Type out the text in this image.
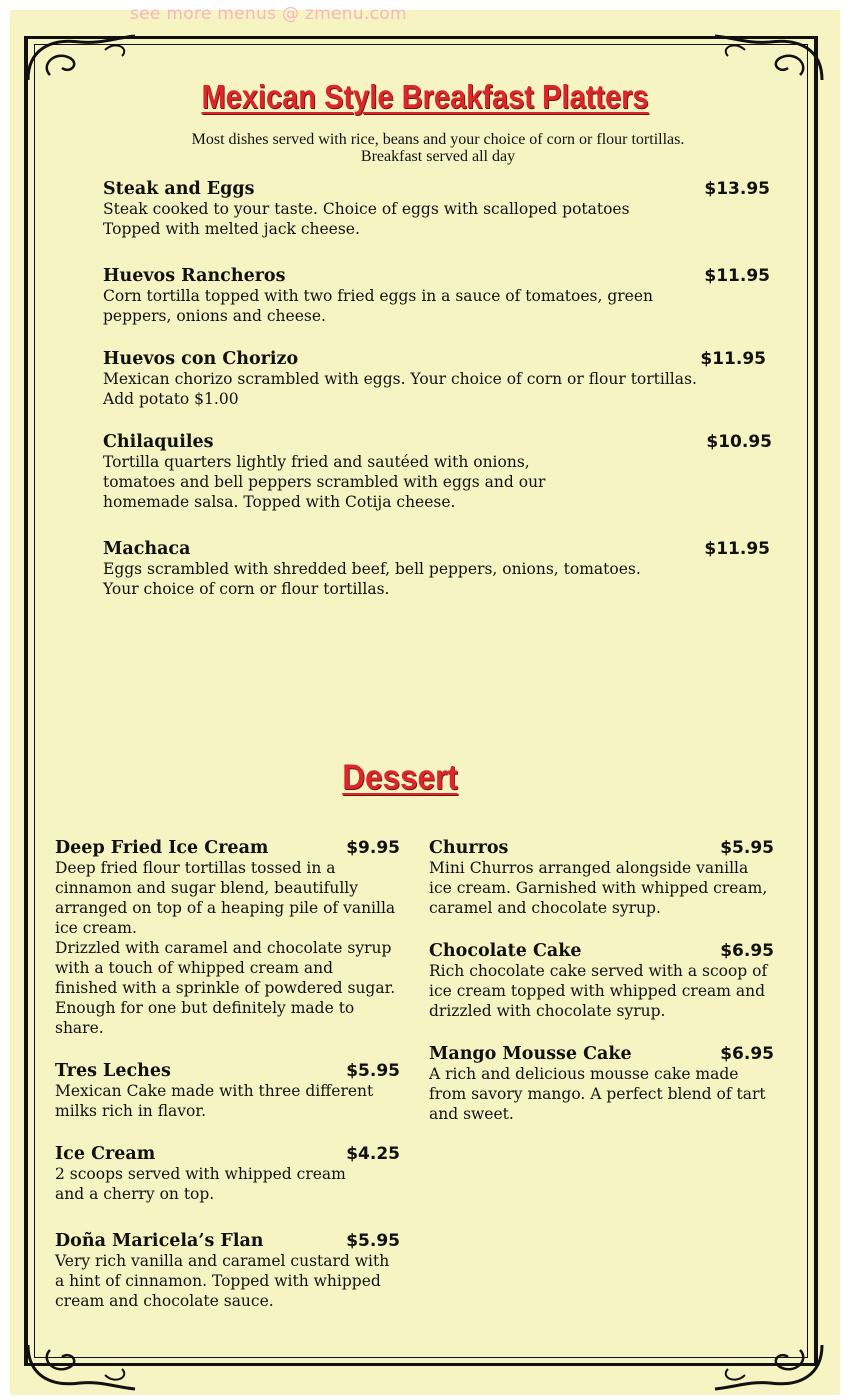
see more menus @ zmenu.com
Mexican Style Breakfast Platters
Most dishes served with rice, beans and your choice of corn or flour tortillas.
Breakfast served all day
Steak and Eggs	$13.95
Steak cooked to your taste. Choice of eggs with scalloped potatoes
Topped with melted jack cheese.
Huevos Rancheros	$11.95
Corn tortilla topped with two fried eggs in a sauce of tomatoes, green
peppers, onions and cheese.
Huevos con Chorizo	$11.95
Mexican chorizo scrambled with eggs. Your choice of corn or flour tortillas.
Add potato $1.00
Chilaquiles	$10.95
Tortilla quarters lightly fried and sautéed with onions,
tomatoes and bell peppers scrambled with eggs and our
homemade salsa. Topped with Cotija cheese.
Machaca	$11.95
Eggs scrambled with shredded beef, bell peppers, onions, tomatoes.
Your choice of corn or flour tortillas.
Dessert
Deep Fried Ice Cream	$9.95
Deep fried flour tortillas tossed in a
cinnamon and sugar blend, beautifully
arranged on top of a heaping pile of vanilla
ice cream.
Drizzled with caramel and chocolate syrup
with a touch of whipped cream and
finished with a sprinkle of powdered sugar.
Enough for one but definitely made to
share.
Tres Leches	$5.95
Mexican Cake made with three different
milks rich in flavor.
Ice Cream	$4.25
2 scoops served with whipped cream
and a cherry on top.
Doña Maricela’s Flan	$5.95
Very rich vanilla and caramel custard with
a hint of cinnamon. Topped with whipped
cream and chocolate sauce.
Churros	$5.95
Mini Churros arranged alongside vanilla
ice cream. Garnished with whipped cream,
caramel and chocolate syrup.
Chocolate Cake	$6.95
Rich chocolate cake served with a scoop of
ice cream topped with whipped cream and
drizzled with chocolate syrup.
Mango Mousse Cake	$6.95
A rich and delicious mousse cake made
from savory mango. A perfect blend of tart
and sweet.
